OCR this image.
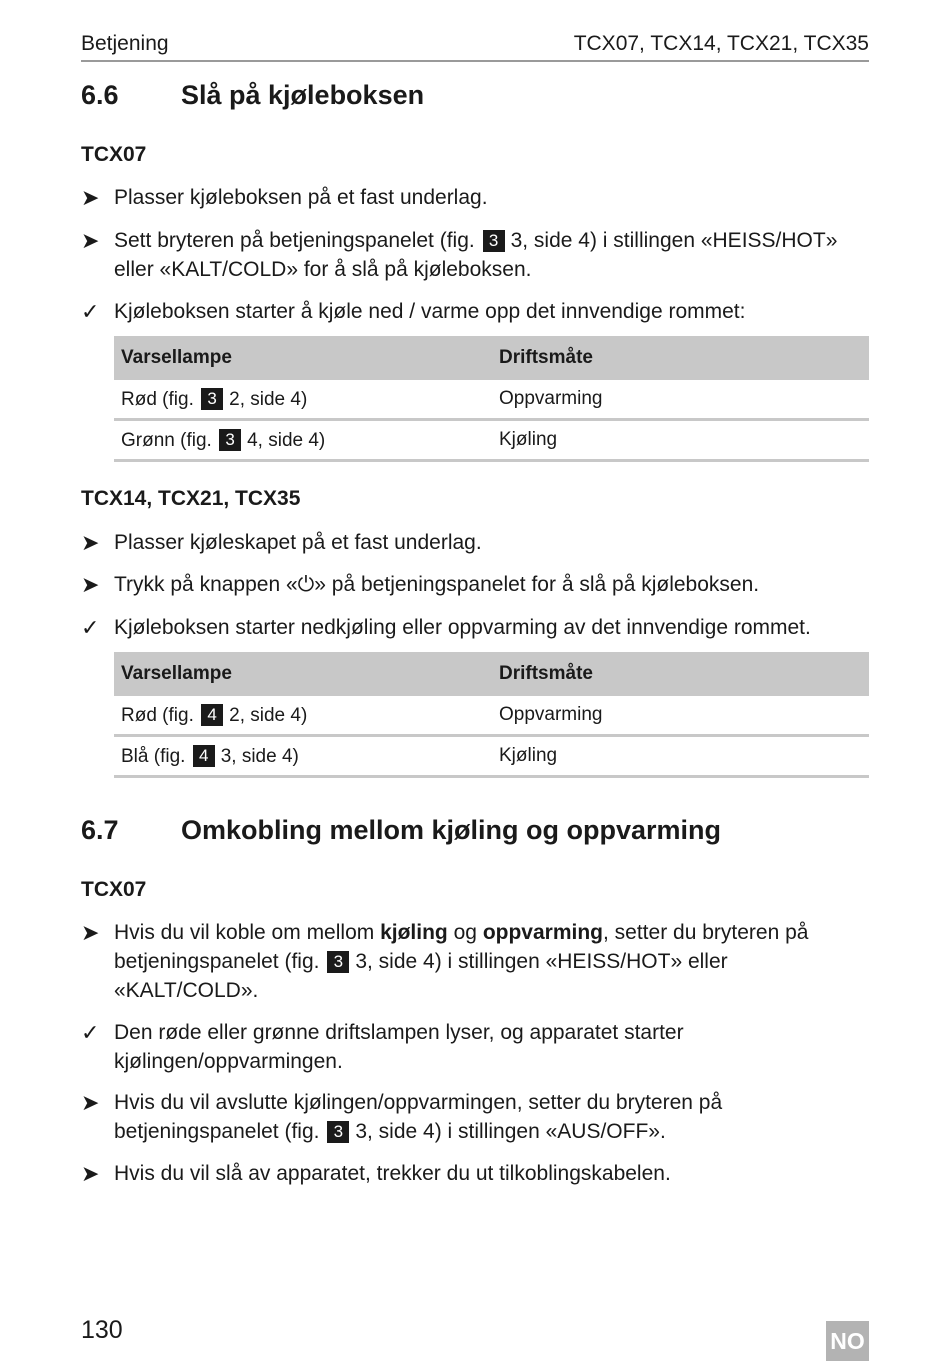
Betjening	TCX07, TCX14, TCX21, TCX35
6.6 Slå på kjøleboksen
TCX07
➤ Plasser kjøleboksen på et fast underlag.
➤ Sett bryteren på betjeningspanelet (fig. 3 3, side 4) i stillingen «HEISS/HOT» eller «KALT/COLD» for å slå på kjøleboksen.
✓ Kjøleboksen starter å kjøle ned / varme opp det innvendige rommet:
Varsellampe	Driftsmåte
Rød (fig. 3 2, side 4)	Oppvarming
Grønn (fig. 3 4, side 4)	Kjøling
TCX14, TCX21, TCX35
➤ Plasser kjøleskapet på et fast underlag.
➤ Trykk på knappen «⏻» på betjeningspanelet for å slå på kjøleboksen.
✓ Kjøleboksen starter nedkjøling eller oppvarming av det innvendige rommet.
Varsellampe	Driftsmåte
Rød (fig. 4 2, side 4)	Oppvarming
Blå (fig. 4 3, side 4)	Kjøling
6.7 Omkobling mellom kjøling og oppvarming
TCX07
➤ Hvis du vil koble om mellom kjøling og oppvarming, setter du bryteren på betjeningspanelet (fig. 3 3, side 4) i stillingen «HEISS/HOT» eller «KALT/COLD».
✓ Den røde eller grønne driftslampen lyser, og apparatet starter kjølingen/oppvarmingen.
➤ Hvis du vil avslutte kjølingen/oppvarmingen, setter du bryteren på betjeningspanelet (fig. 3 3, side 4) i stillingen «AUS/OFF».
➤ Hvis du vil slå av apparatet, trekker du ut tilkoblingskabelen.
130	NO
